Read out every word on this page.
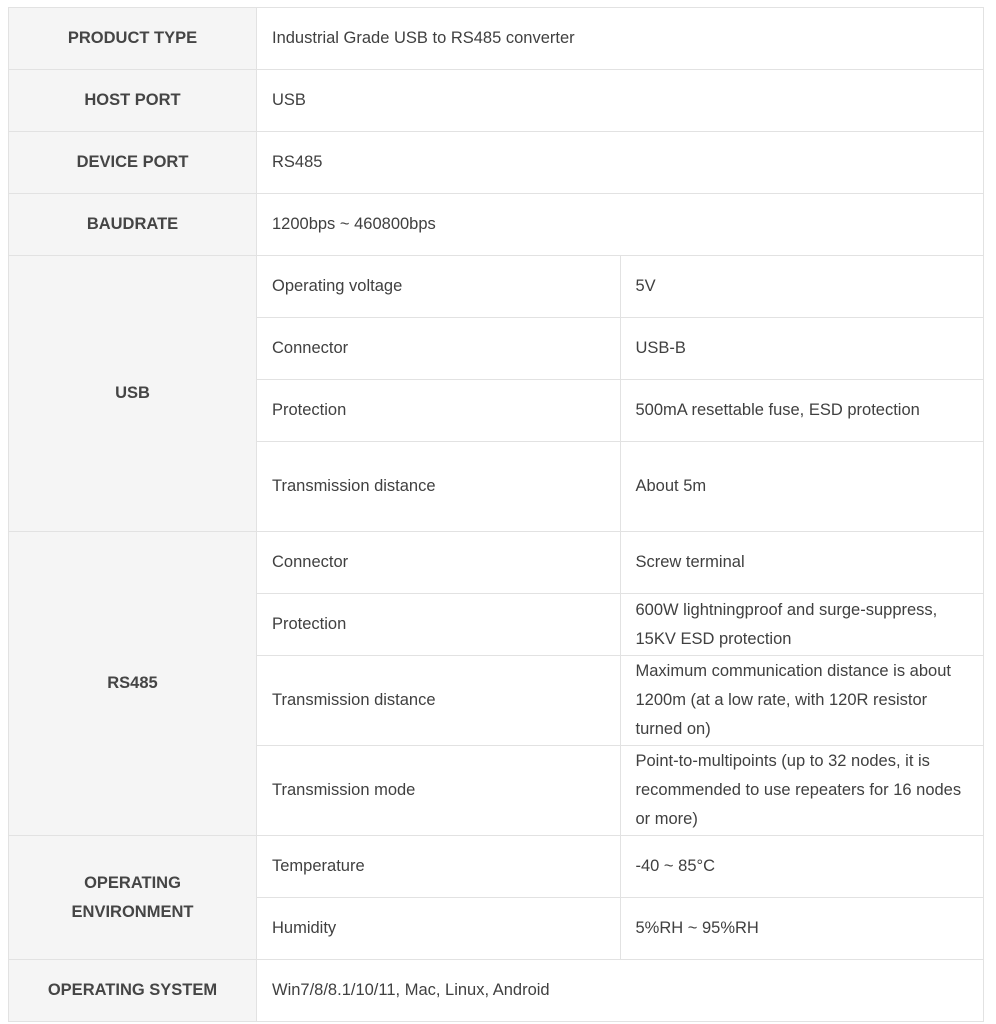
PRODUCT TYPE	Industrial Grade USB to RS485 converter	
HOST PORT	USB	
DEVICE PORT	RS485	
BAUDRATE	1200bps ~ 460800bps	
USB	Operating voltage	5V
	Connector	USB-B
	Protection	500mA resettable fuse, ESD protection
	Transmission distance	About 5m
RS485	Connector	Screw terminal
	Protection	600W lightningproof and surge-suppress, 15KV ESD protection
	Transmission distance	Maximum communication distance is about 1200m (at a low rate, with 120R resistor turned on)
	Transmission mode	Point-to-multipoints (up to 32 nodes, it is recommended to use repeaters for 16 nodes or more)
OPERATING ENVIRONMENT	Temperature	-40 ~ 85°C
	Humidity	5%RH ~ 95%RH
OPERATING SYSTEM	Win7/8/8.1/10/11, Mac, Linux, Android	
